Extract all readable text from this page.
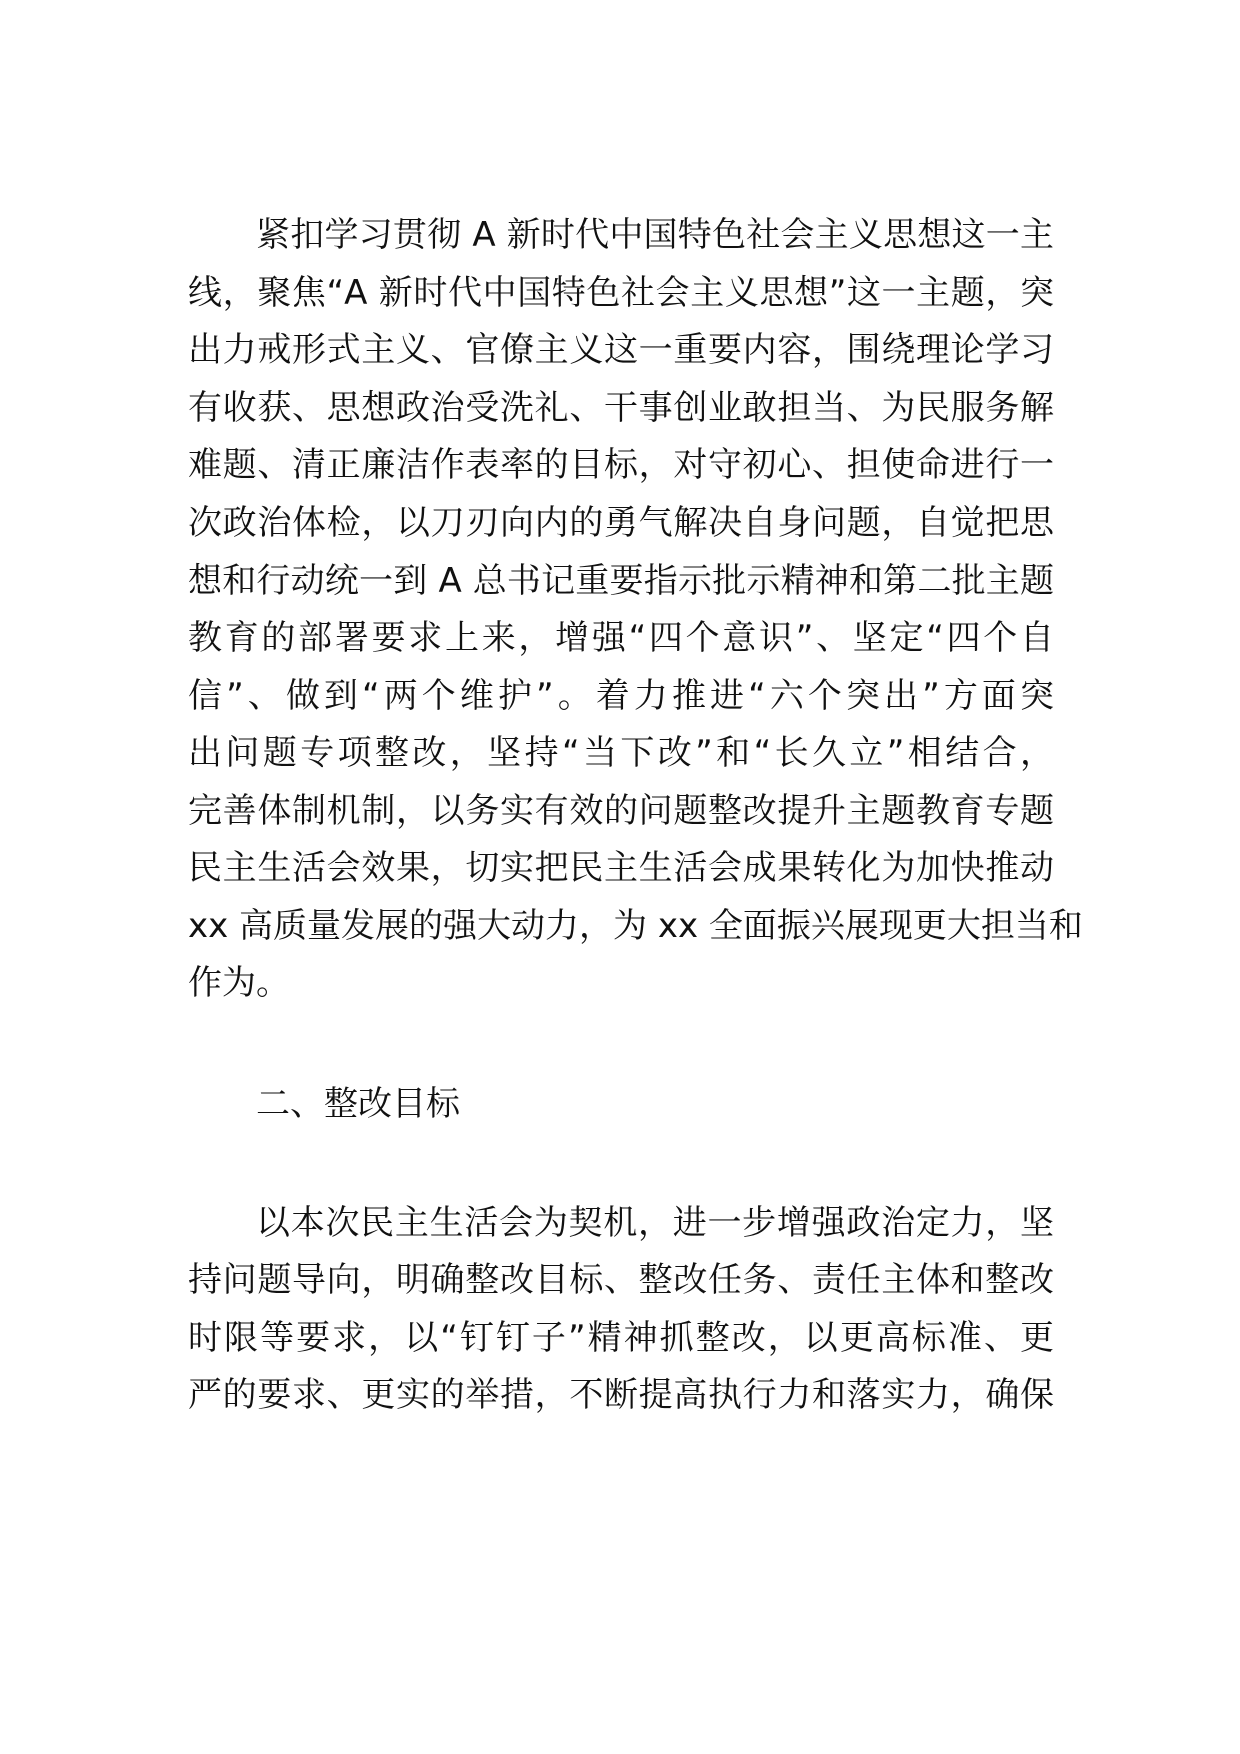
紧扣学习贯彻 A 新时代中国特色社会主义思想这一主
线，聚焦“A 新时代中国特色社会主义思想”这一主题，突
出力戒形式主义、官僚主义这一重要内容，围绕理论学习
有收获、思想政治受洗礼、干事创业敢担当、为民服务解
难题、清正廉洁作表率的目标，对守初心、担使命进行一
次政治体检，以刀刃向内的勇气解决自身问题，自觉把思
想和行动统一到 A 总书记重要指示批示精神和第二批主题
教育的部署要求上来，增强“四个意识”、坚定“四个自
信”、做到“两个维护”。着力推进“六个突出”方面突
出问题专项整改，坚持“当下改”和“长久立”相结合，
完善体制机制，以务实有效的问题整改提升主题教育专题
民主生活会效果，切实把民主生活会成果转化为加快推动
xx 高质量发展的强大动力，为 xx 全面振兴展现更大担当和
作为。
二、整改目标
以本次民主生活会为契机，进一步增强政治定力，坚
持问题导向，明确整改目标、整改任务、责任主体和整改
时限等要求，以“钉钉子”精神抓整改，以更高标准、更
严的要求、更实的举措，不断提高执行力和落实力，确保
